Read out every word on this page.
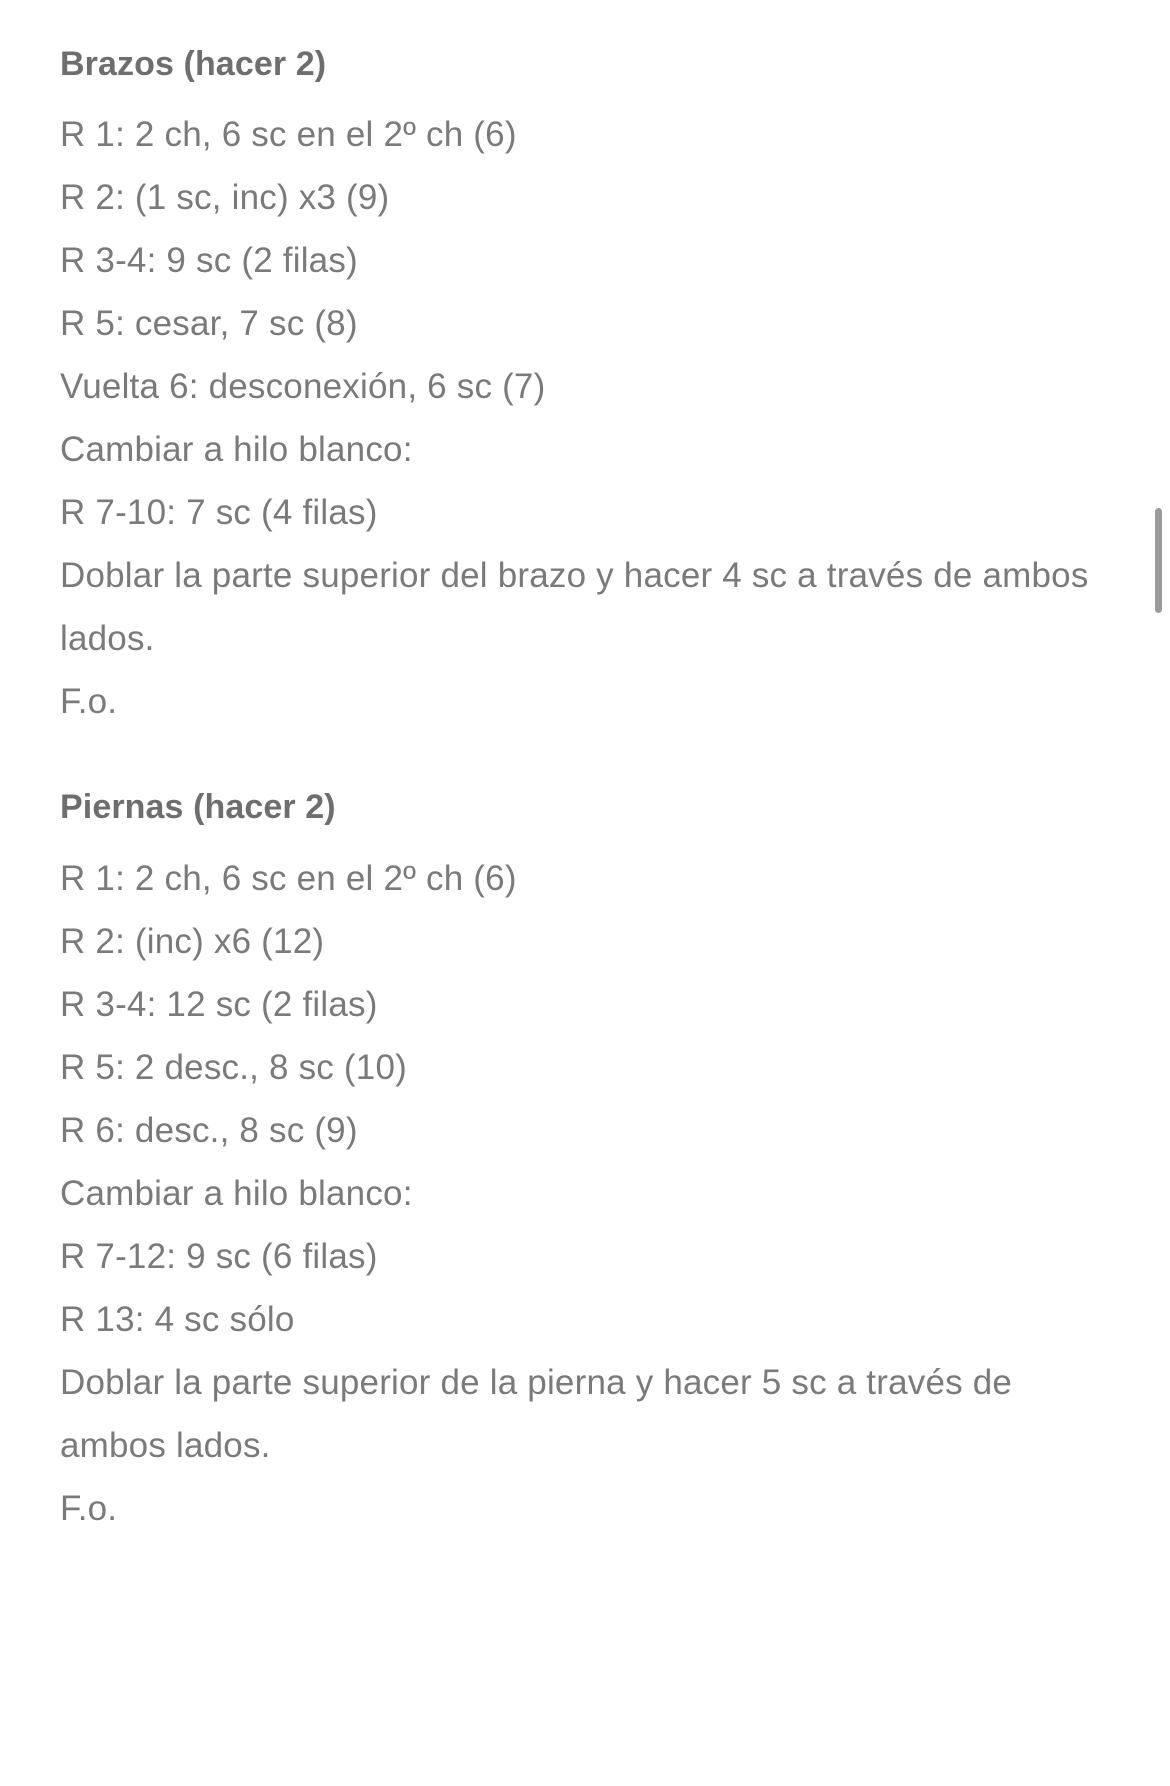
Brazos (hacer 2)

R 1: 2 ch, 6 sc en el 2º ch (6)

R 2: (1 sc, inc) x3 (9)

R 3-4: 9 sc (2 filas)

R 5: cesar, 7 sc (8)

Vuelta 6: desconexión, 6 sc (7)

Cambiar a hilo blanco:

R 7-10: 7 sc (4 filas)

Doblar la parte superior del brazo y hacer 4 sc a través de ambos lados.

F.o.

Piernas (hacer 2)

R 1: 2 ch, 6 sc en el 2º ch (6)

R 2: (inc) x6 (12)

R 3-4: 12 sc (2 filas)

R 5: 2 desc., 8 sc (10)

R 6: desc., 8 sc (9)

Cambiar a hilo blanco:

R 7-12: 9 sc (6 filas)

R 13: 4 sc sólo

Doblar la parte superior de la pierna y hacer 5 sc a través de ambos lados.

F.o.
